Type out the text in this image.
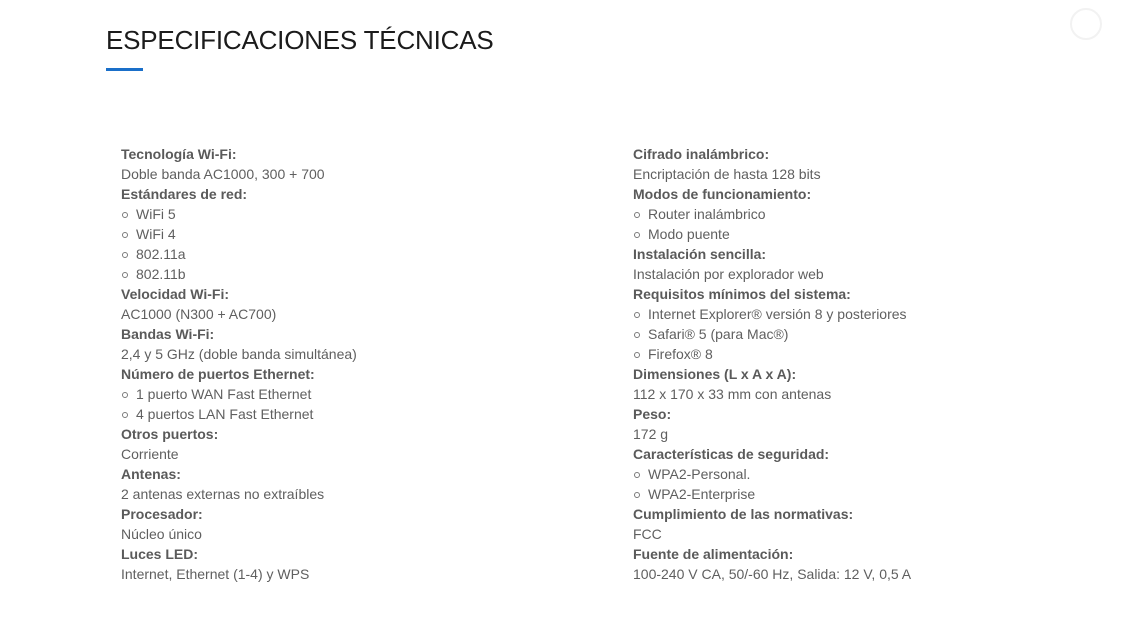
ESPECIFICACIONES TÉCNICAS
Tecnología Wi-Fi:
Doble banda AC1000, 300 + 700
Estándares de red:
WiFi 5
WiFi 4
802.11a
802.11b
Velocidad Wi-Fi:
AC1000 (N300 + AC700)
Bandas Wi-Fi:
2,4 y 5 GHz (doble banda simultánea)
Número de puertos Ethernet:
1 puerto WAN Fast Ethernet
4 puertos LAN Fast Ethernet
Otros puertos:
Corriente
Antenas:
2 antenas externas no extraíbles
Procesador:
Núcleo único
Luces LED:
Internet, Ethernet (1-4) y WPS
Cifrado inalámbrico:
Encriptación de hasta 128 bits
Modos de funcionamiento:
Router inalámbrico
Modo puente
Instalación sencilla:
Instalación por explorador web
Requisitos mínimos del sistema:
Internet Explorer® versión 8 y posteriores
Safari® 5 (para Mac®)
Firefox® 8
Dimensiones (L x A x A):
112 x 170 x 33 mm con antenas
Peso:
172 g
Características de seguridad:
WPA2-Personal.
WPA2-Enterprise
Cumplimiento de las normativas:
FCC
Fuente de alimentación:
100-240 V CA, 50/-60 Hz, Salida: 12 V, 0,5 A
